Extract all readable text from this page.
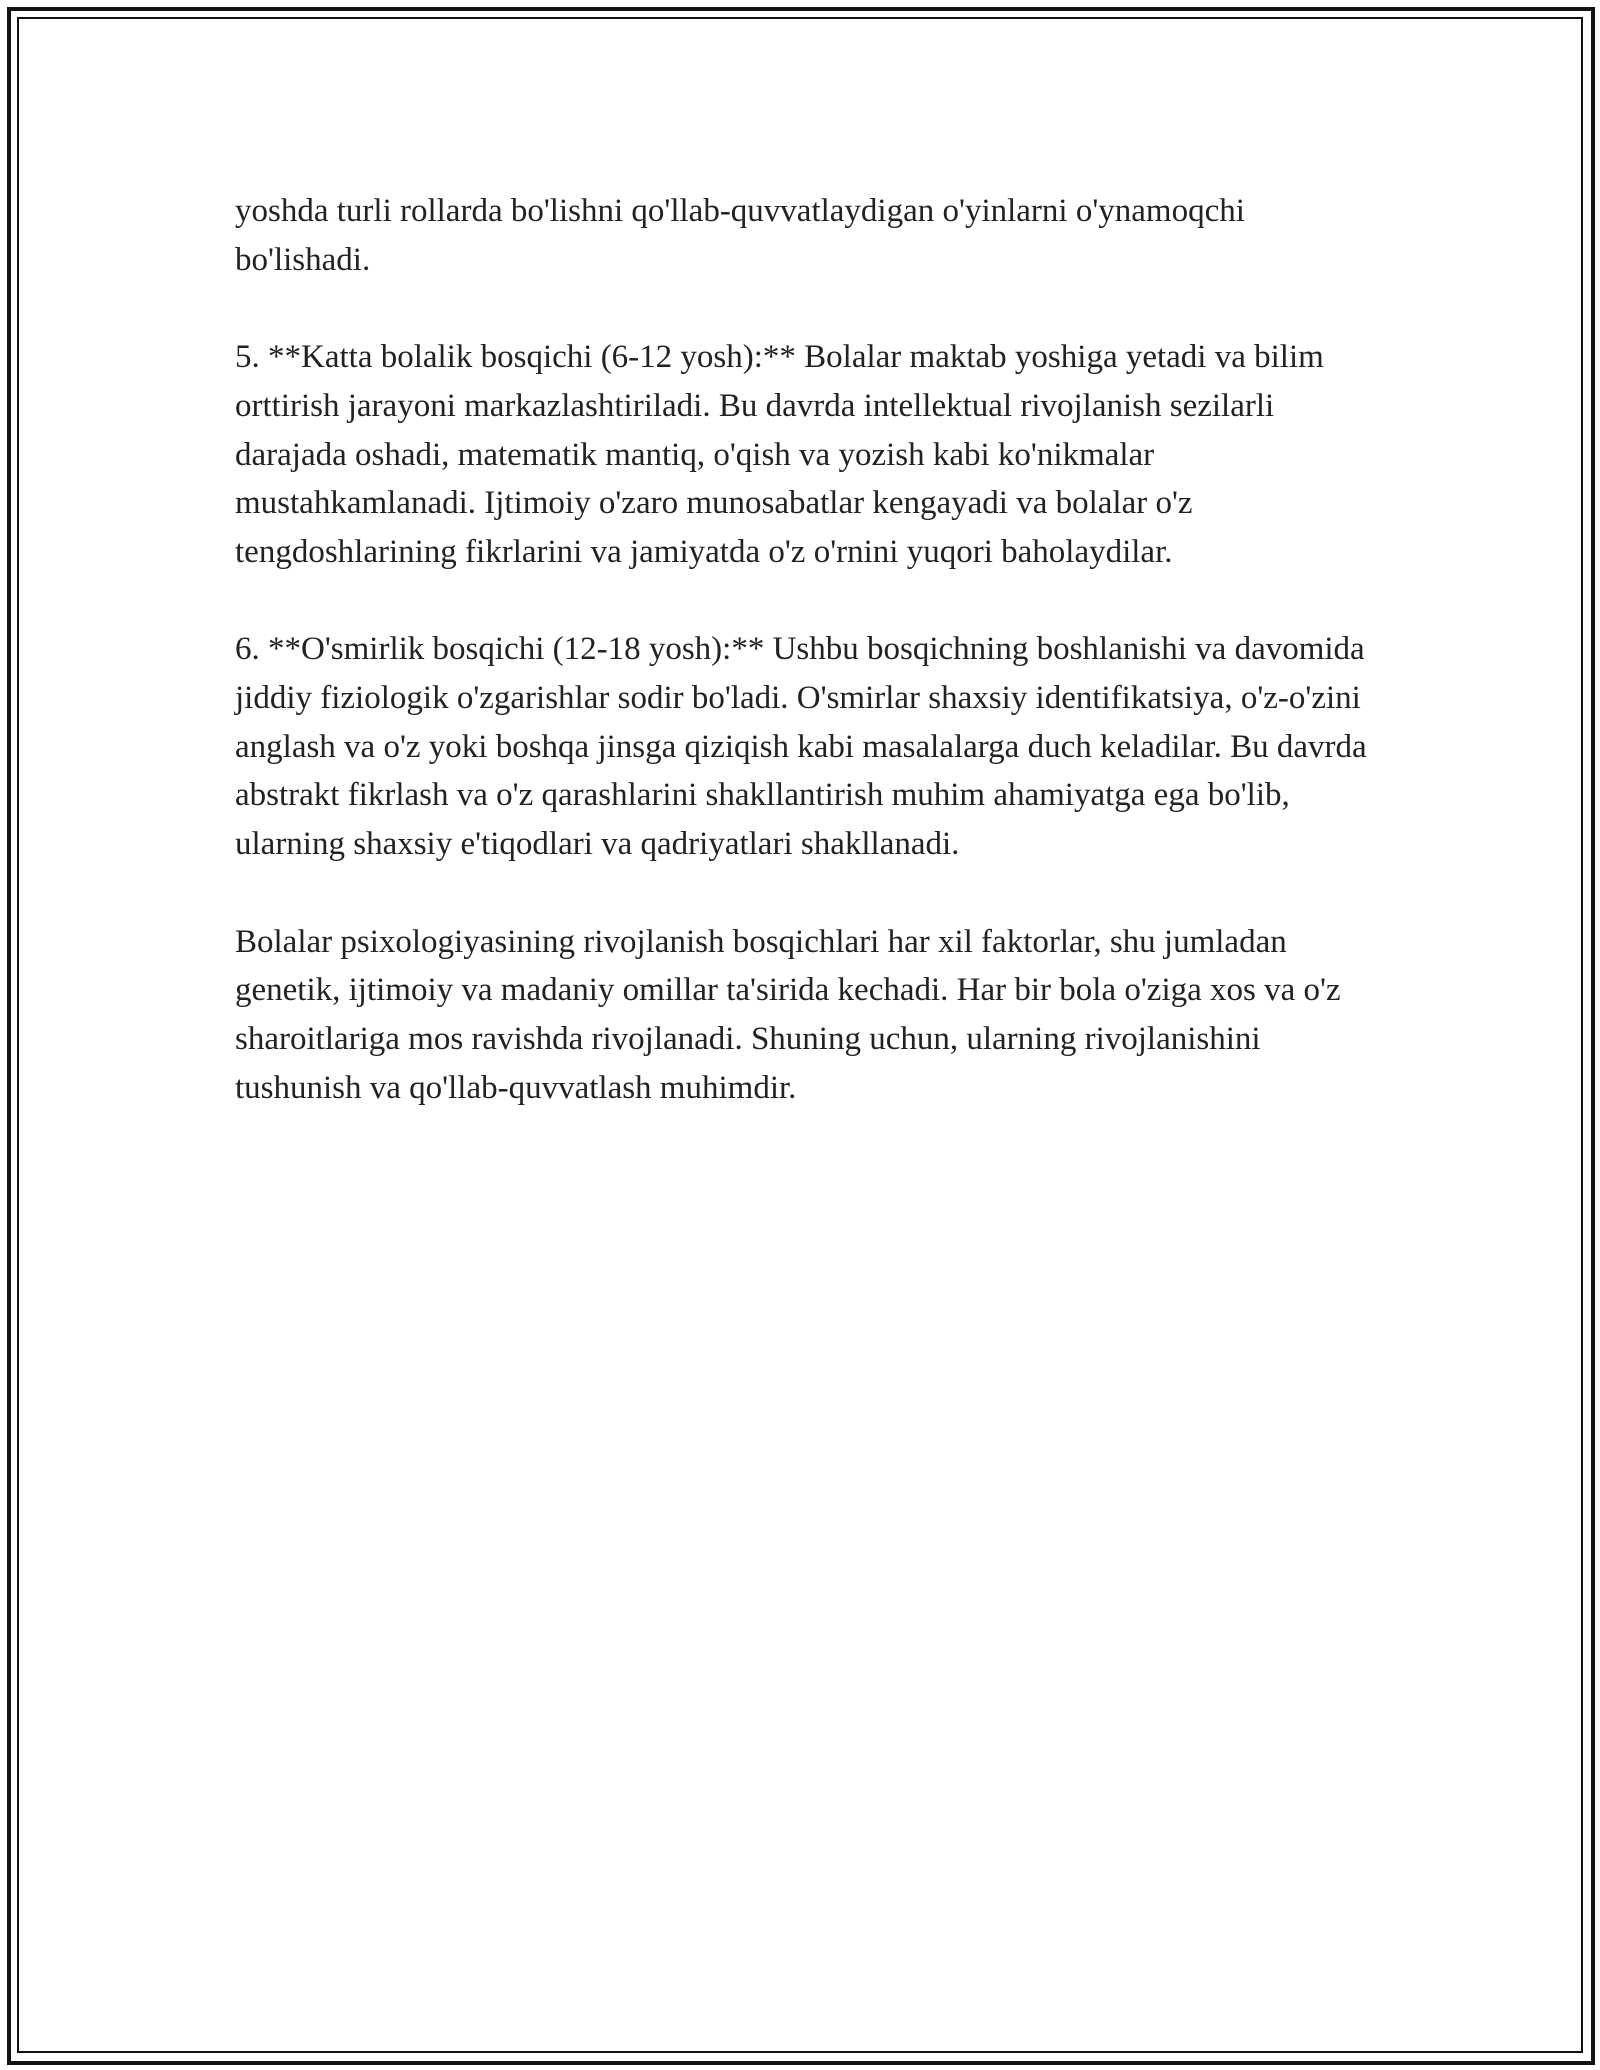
yoshda turli rollarda bo'lishni qo'llab-quvvatlaydigan o'yinlarni o'ynamoqchi bo'lishadi.

5. **Katta bolalik bosqichi (6-12 yosh):** Bolalar maktab yoshiga yetadi va bilim orttirish jarayoni markazlashtiriladi. Bu davrda intellektual rivojlanish sezilarli darajada oshadi, matematik mantiq, o'qish va yozish kabi ko'nikmalar mustahkamlanadi. Ijtimoiy o'zaro munosabatlar kengayadi va bolalar o'z tengdoshlarining fikrlarini va jamiyatda o'z o'rnini yuqori baholaydilar.

6. **O'smirlik bosqichi (12-18 yosh):** Ushbu bosqichning boshlanishi va davomida jiddiy fiziologik o'zgarishlar sodir bo'ladi. O'smirlar shaxsiy identifikatsiya, o'z-o'zini anglash va o'z yoki boshqa jinsga qiziqish kabi masalalarga duch keladilar. Bu davrda abstrakt fikrlash va o'z qarashlarini shakllantirish muhim ahamiyatga ega bo'lib, ularning shaxsiy e'tiqodlari va qadriyatlari shakllanadi.

Bolalar psixologiyasining rivojlanish bosqichlari har xil faktorlar, shu jumladan genetik, ijtimoiy va madaniy omillar ta'sirida kechadi. Har bir bola o'ziga xos va o'z sharoitlariga mos ravishda rivojlanadi. Shuning uchun, ularning rivojlanishini tushunish va qo'llab-quvvatlash muhimdir.
